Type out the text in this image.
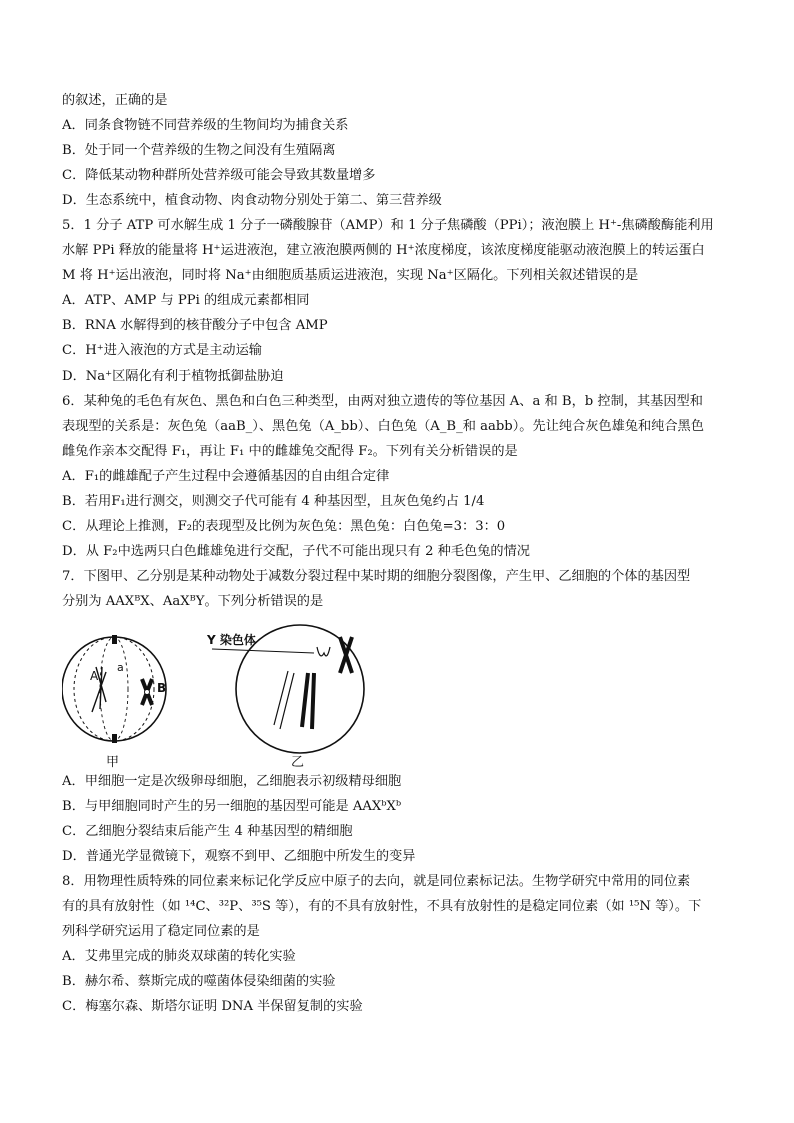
的叙述，正确的是
A．同条食物链不同营养级的生物间均为捕食关系
B．处于同一个营养级的生物之间没有生殖隔离
C．降低某动物种群所处营养级可能会导致其数量增多
D．生态系统中，植食动物、肉食动物分别处于第二、第三营养级
5．1 分子 ATP 可水解生成 1 分子一磷酸腺苷（AMP）和 1 分子焦磷酸（PPi）；液泡膜上 H⁺-焦磷酸酶能利用
水解 PPi 释放的能量将 H⁺运进液泡，建立液泡膜两侧的 H⁺浓度梯度，该浓度梯度能驱动液泡膜上的转运蛋白
M 将 H⁺运出液泡，同时将 Na⁺由细胞质基质运进液泡，实现 Na⁺区隔化。下列相关叙述错误的是
A．ATP、AMP 与 PPi 的组成元素都相同
B．RNA 水解得到的核苷酸分子中包含 AMP
C．H⁺进入液泡的方式是主动运输
D．Na⁺区隔化有利于植物抵御盐胁迫
6．某种兔的毛色有灰色、黑色和白色三种类型，由两对独立遗传的等位基因 A、a 和 B，b 控制，其基因型和
表现型的关系是：灰色兔（aaB_）、黑色兔（A_bb）、白色兔（A_B_和 aabb）。先让纯合灰色雄兔和纯合黑色
雌兔作亲本交配得 F₁，再让 F₁ 中的雌雄兔交配得 F₂。下列有关分析错误的是
A．F₁的雌雄配子产生过程中会遵循基因的自由组合定律
B．若用F₁进行测交，则测交子代可能有 4 种基因型，且灰色兔约占 1/4
C．从理论上推测，F₂的表现型及比例为灰色兔：黑色兔：白色兔=3：3：0
D．从 F₂中选两只白色雌雄兔进行交配，子代不可能出现只有 2 种毛色兔的情况
7．下图甲、乙分别是某种动物处于减数分裂过程中某时期的细胞分裂图像，产生甲、乙细胞的个体的基因型
分别为 AAXᴮX、AaXᴮY。下列分析错误的是
Y 染色体
A
a
B
甲	乙
A．甲细胞一定是次级卵母细胞，乙细胞表示初级精母细胞
B．与甲细胞同时产生的另一细胞的基因型可能是 AAXᵇXᵇ
C．乙细胞分裂结束后能产生 4 种基因型的精细胞
D．普通光学显微镜下，观察不到甲、乙细胞中所发生的变异
8．用物理性质特殊的同位素来标记化学反应中原子的去向，就是同位素标记法。生物学研究中常用的同位素
有的具有放射性（如 ¹⁴C、³²P、³⁵S 等），有的不具有放射性，不具有放射性的是稳定同位素（如 ¹⁵N 等）。下
列科学研究运用了稳定同位素的是
A．艾弗里完成的肺炎双球菌的转化实验
B．赫尔希、蔡斯完成的噬菌体侵染细菌的实验
C．梅塞尔森、斯塔尔证明 DNA 半保留复制的实验
